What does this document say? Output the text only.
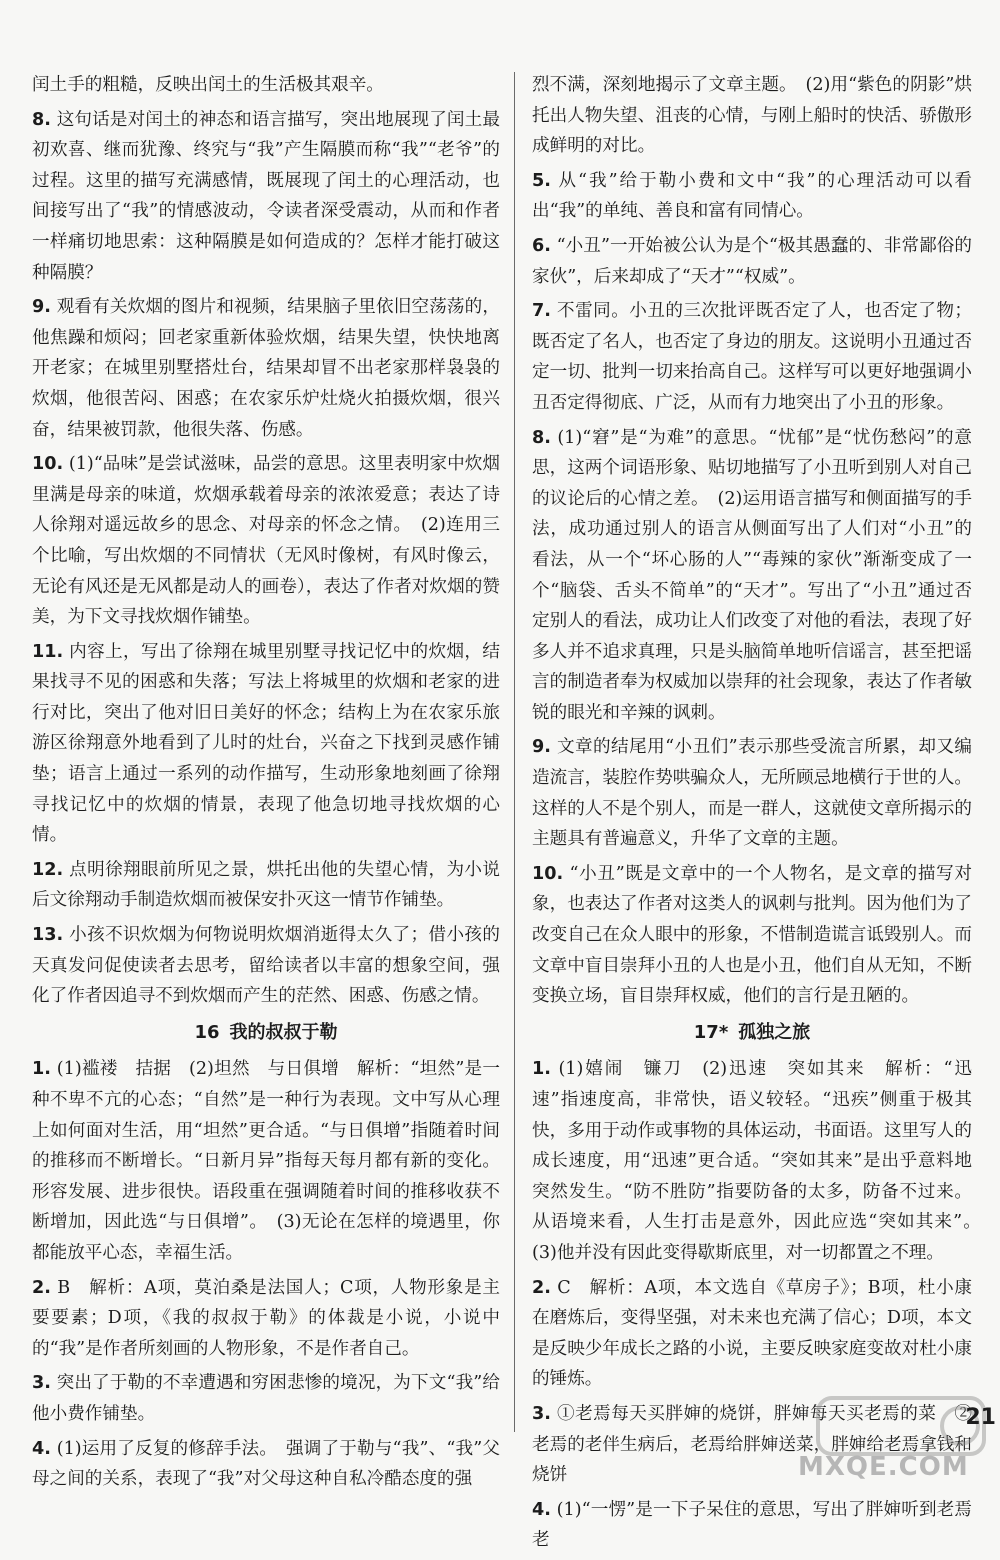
闰土手的粗糙，反映出闰土的生活极其艰辛。

8. 这句话是对闰土的神态和语言描写，突出地展现了闰土最初欢喜、继而犹豫、终究与“我”产生隔膜而称“我”“老爷”的过程。这里的描写充满感情，既展现了闰土的心理活动，也间接写出了“我”的情感波动，令读者深受震动，从而和作者一样痛切地思索：这种隔膜是如何造成的？怎样才能打破这种隔膜？

9. 观看有关炊烟的图片和视频，结果脑子里依旧空荡荡的，他焦躁和烦闷；回老家重新体验炊烟，结果失望，快快地离开老家；在城里别墅搭灶台，结果却冒不出老家那样袅袅的炊烟，他很苦闷、困惑；在农家乐炉灶烧火拍摄炊烟，很兴奋，结果被罚款，他很失落、伤感。

10. (1)“品味”是尝试滋味，品尝的意思。这里表明家中炊烟里满是母亲的味道，炊烟承载着母亲的浓浓爱意；表达了诗人徐翔对遥远故乡的思念、对母亲的怀念之情。　(2)连用三个比喻，写出炊烟的不同情状（无风时像树，有风时像云，无论有风还是无风都是动人的画卷），表达了作者对炊烟的赞美，为下文寻找炊烟作铺垫。

11. 内容上，写出了徐翔在城里别墅寻找记忆中的炊烟，结果找寻不见的困惑和失落；写法上将城里的炊烟和老家的进行对比，突出了他对旧日美好的怀念；结构上为在农家乐旅游区徐翔意外地看到了儿时的灶台，兴奋之下找到灵感作铺垫；语言上通过一系列的动作描写，生动形象地刻画了徐翔寻找记忆中的炊烟的情景，表现了他急切地寻找炊烟的心情。

12. 点明徐翔眼前所见之景，烘托出他的失望心情，为小说后文徐翔动手制造炊烟而被保安扑灭这一情节作铺垫。

13. 小孩不识炊烟为何物说明炊烟消逝得太久了；借小孩的天真发问促使读者去思考，留给读者以丰富的想象空间，强化了作者因追寻不到炊烟而产生的茫然、困惑、伤感之情。

16 我的叔叔于勒

1. (1)褴褛　拮据　(2)坦然　与日俱增　解析：“坦然”是一种不卑不亢的心态；“自然”是一种行为表现。文中写从心理上如何面对生活，用“坦然”更合适。“与日俱增”指随着时间的推移而不断增长。“日新月异”指每天每月都有新的变化。形容发展、进步很快。语段重在强调随着时间的推移收获不断增加，因此选“与日俱增”。　(3)无论在怎样的境遇里，你都能放平心态，幸福生活。

2. B　解析：A项，莫泊桑是法国人；C项，人物形象是主要要素；D项，《我的叔叔于勒》的体裁是小说，小说中的“我”是作者所刻画的人物形象，不是作者自己。

3. 突出了于勒的不幸遭遇和穷困悲惨的境况，为下文“我”给他小费作铺垫。

4. (1)运用了反复的修辞手法。　强调了于勒与“我”、“我”父母之间的关系，表现了“我”对父母这种自私冷酷态度的强

烈不满，深刻地揭示了文章主题。　(2)用“紫色的阴影”烘托出人物失望、沮丧的心情，与刚上船时的快活、骄傲形成鲜明的对比。

5. 从“我”给于勒小费和文中“我”的心理活动可以看出“我”的单纯、善良和富有同情心。

6. “小丑”一开始被公认为是个“极其愚蠢的、非常鄙俗的家伙”，后来却成了“天才”“权威”。

7. 不雷同。小丑的三次批评既否定了人，也否定了物；既否定了名人，也否定了身边的朋友。这说明小丑通过否定一切、批判一切来抬高自己。这样写可以更好地强调小丑否定得彻底、广泛，从而有力地突出了小丑的形象。

8. (1)“窘”是“为难”的意思。“忧郁”是“忧伤愁闷”的意思，这两个词语形象、贴切地描写了小丑听到别人对自己的议论后的心情之差。　(2)运用语言描写和侧面描写的手法，成功通过别人的语言从侧面写出了人们对“小丑”的看法，从一个“坏心肠的人”“毒辣的家伙”渐渐变成了一个“脑袋、舌头不简单”的“天才”。写出了“小丑”通过否定别人的看法，成功让人们改变了对他的看法，表现了好多人并不追求真理，只是头脑简单地听信谣言，甚至把谣言的制造者奉为权威加以崇拜的社会现象，表达了作者敏锐的眼光和辛辣的讽刺。

9. 文章的结尾用“小丑们”表示那些受流言所累，却又编造流言，装腔作势哄骗众人，无所顾忌地横行于世的人。这样的人不是个别人，而是一群人，这就使文章所揭示的主题具有普遍意义，升华了文章的主题。

10. “小丑”既是文章中的一个人物名，是文章的描写对象，也表达了作者对这类人的讽刺与批判。因为他们为了改变自己在众人眼中的形象，不惜制造谎言诋毁别人。而文章中盲目崇拜小丑的人也是小丑，他们自从无知，不断变换立场，盲目崇拜权威，他们的言行是丑陋的。

17* 孤独之旅

1. (1)嬉闹　镰刀　(2)迅速　突如其来　解析：“迅速”指速度高，非常快，语义较轻。“迅疾”侧重于极其快，多用于动作或事物的具体运动，书面语。这里写人的成长速度，用“迅速”更合适。“突如其来”是出乎意料地突然发生。“防不胜防”指要防备的太多，防备不过来。从语境来看，人生打击是意外，因此应选“突如其来”。　(3)他并没有因此变得歇斯底里，对一切都置之不理。

2. C　解析：A项，本文选自《草房子》；B项，杜小康在磨炼后，变得坚强，对未来也充满了信心；D项，本文是反映少年成长之路的小说，主要反映家庭变故对杜小康的锤炼。

3. ①老焉每天买胖婶的烧饼，胖婶每天买老焉的菜　②老焉的老伴生病后，老焉给胖婶送菜，胖婶给老焉拿钱和烧饼

4. (1)“一愣”是一下子呆住的意思，写出了胖婶听到老焉老

21
MXQE.COM
